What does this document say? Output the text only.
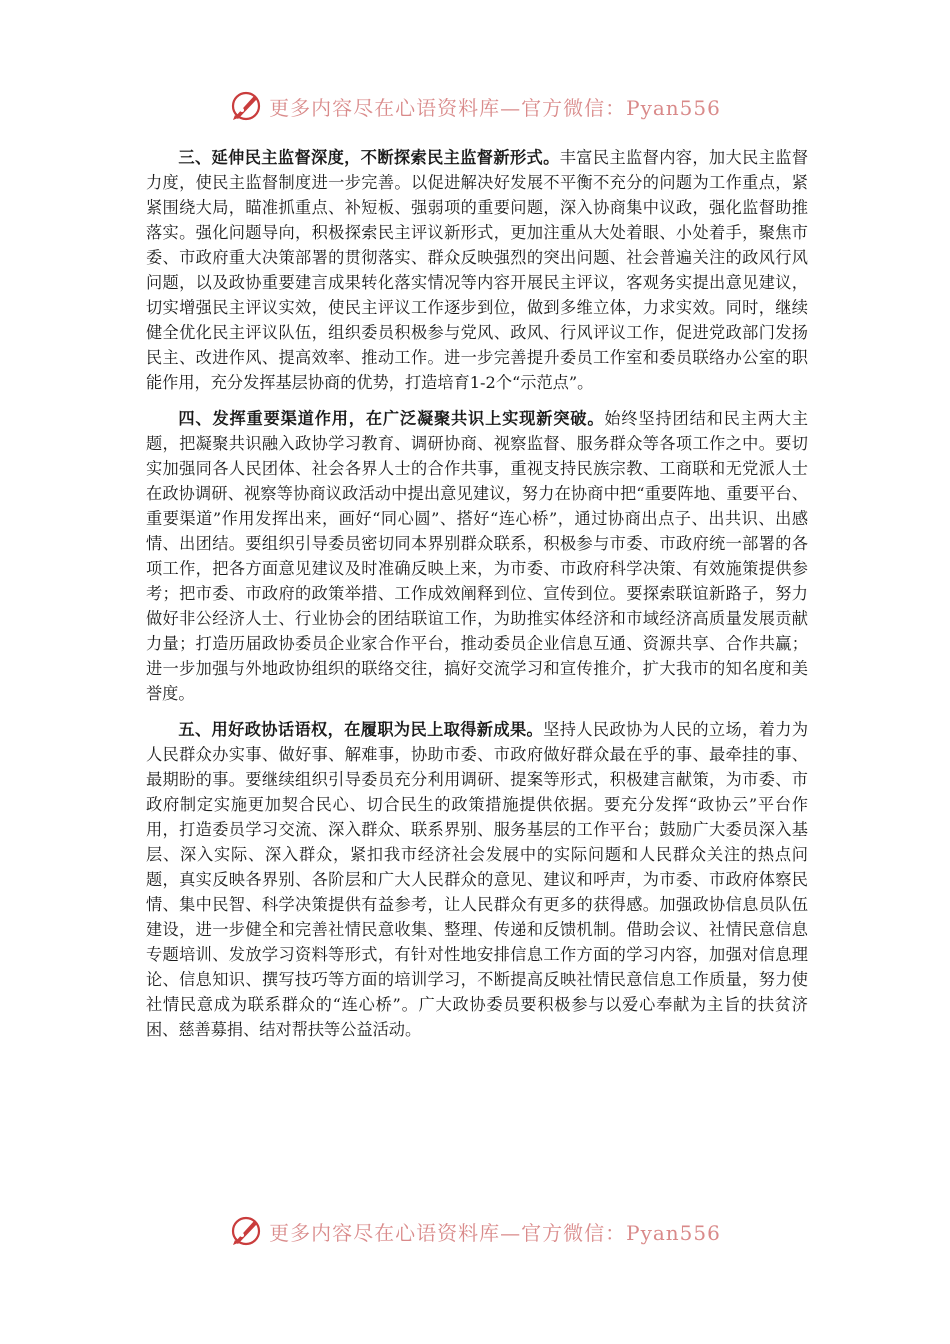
更多内容尽在心语资料库—官方微信：Pyan556

三、延伸民主监督深度，不断探索民主监督新形式。丰富民主监督内容，加大民主监督力度，使民主监督制度进一步完善。以促进解决好发展不平衡不充分的问题为工作重点，紧紧围绕大局，瞄准抓重点、补短板、强弱项的重要问题，深入协商集中议政，强化监督助推落实。强化问题导向，积极探索民主评议新形式，更加注重从大处着眼、小处着手，聚焦市委、市政府重大决策部署的贯彻落实、群众反映强烈的突出问题、社会普遍关注的政风行风问题，以及政协重要建言成果转化落实情况等内容开展民主评议，客观务实提出意见建议，切实增强民主评议实效，使民主评议工作逐步到位，做到多维立体，力求实效。同时，继续健全优化民主评议队伍，组织委员积极参与党风、政风、行风评议工作，促进党政部门发扬民主、改进作风、提高效率、推动工作。进一步完善提升委员工作室和委员联络办公室的职能作用，充分发挥基层协商的优势，打造培育1-2个“示范点”。

四、发挥重要渠道作用，在广泛凝聚共识上实现新突破。始终坚持团结和民主两大主题，把凝聚共识融入政协学习教育、调研协商、视察监督、服务群众等各项工作之中。要切实加强同各人民团体、社会各界人士的合作共事，重视支持民族宗教、工商联和无党派人士在政协调研、视察等协商议政活动中提出意见建议，努力在协商中把“重要阵地、重要平台、重要渠道”作用发挥出来，画好“同心圆”、搭好“连心桥”，通过协商出点子、出共识、出感情、出团结。要组织引导委员密切同本界别群众联系，积极参与市委、市政府统一部署的各项工作，把各方面意见建议及时准确反映上来，为市委、市政府科学决策、有效施策提供参考；把市委、市政府的政策举措、工作成效阐释到位、宣传到位。要探索联谊新路子，努力做好非公经济人士、行业协会的团结联谊工作，为助推实体经济和市域经济高质量发展贡献力量；打造历届政协委员企业家合作平台，推动委员企业信息互通、资源共享、合作共赢；进一步加强与外地政协组织的联络交往，搞好交流学习和宣传推介，扩大我市的知名度和美誉度。

五、用好政协话语权，在履职为民上取得新成果。坚持人民政协为人民的立场，着力为人民群众办实事、做好事、解难事，协助市委、市政府做好群众最在乎的事、最牵挂的事、最期盼的事。要继续组织引导委员充分利用调研、提案等形式，积极建言献策，为市委、市政府制定实施更加契合民心、切合民生的政策措施提供依据。要充分发挥“政协云”平台作用，打造委员学习交流、深入群众、联系界别、服务基层的工作平台；鼓励广大委员深入基层、深入实际、深入群众，紧扣我市经济社会发展中的实际问题和人民群众关注的热点问题，真实反映各界别、各阶层和广大人民群众的意见、建议和呼声，为市委、市政府体察民情、集中民智、科学决策提供有益参考，让人民群众有更多的获得感。加强政协信息员队伍建设，进一步健全和完善社情民意收集、整理、传递和反馈机制。借助会议、社情民意信息专题培训、发放学习资料等形式，有针对性地安排信息工作方面的学习内容，加强对信息理论、信息知识、撰写技巧等方面的培训学习，不断提高反映社情民意信息工作质量，努力使社情民意成为联系群众的“连心桥”。广大政协委员要积极参与以爱心奉献为主旨的扶贫济困、慈善募捐、结对帮扶等公益活动。

更多内容尽在心语资料库—官方微信：Pyan556
